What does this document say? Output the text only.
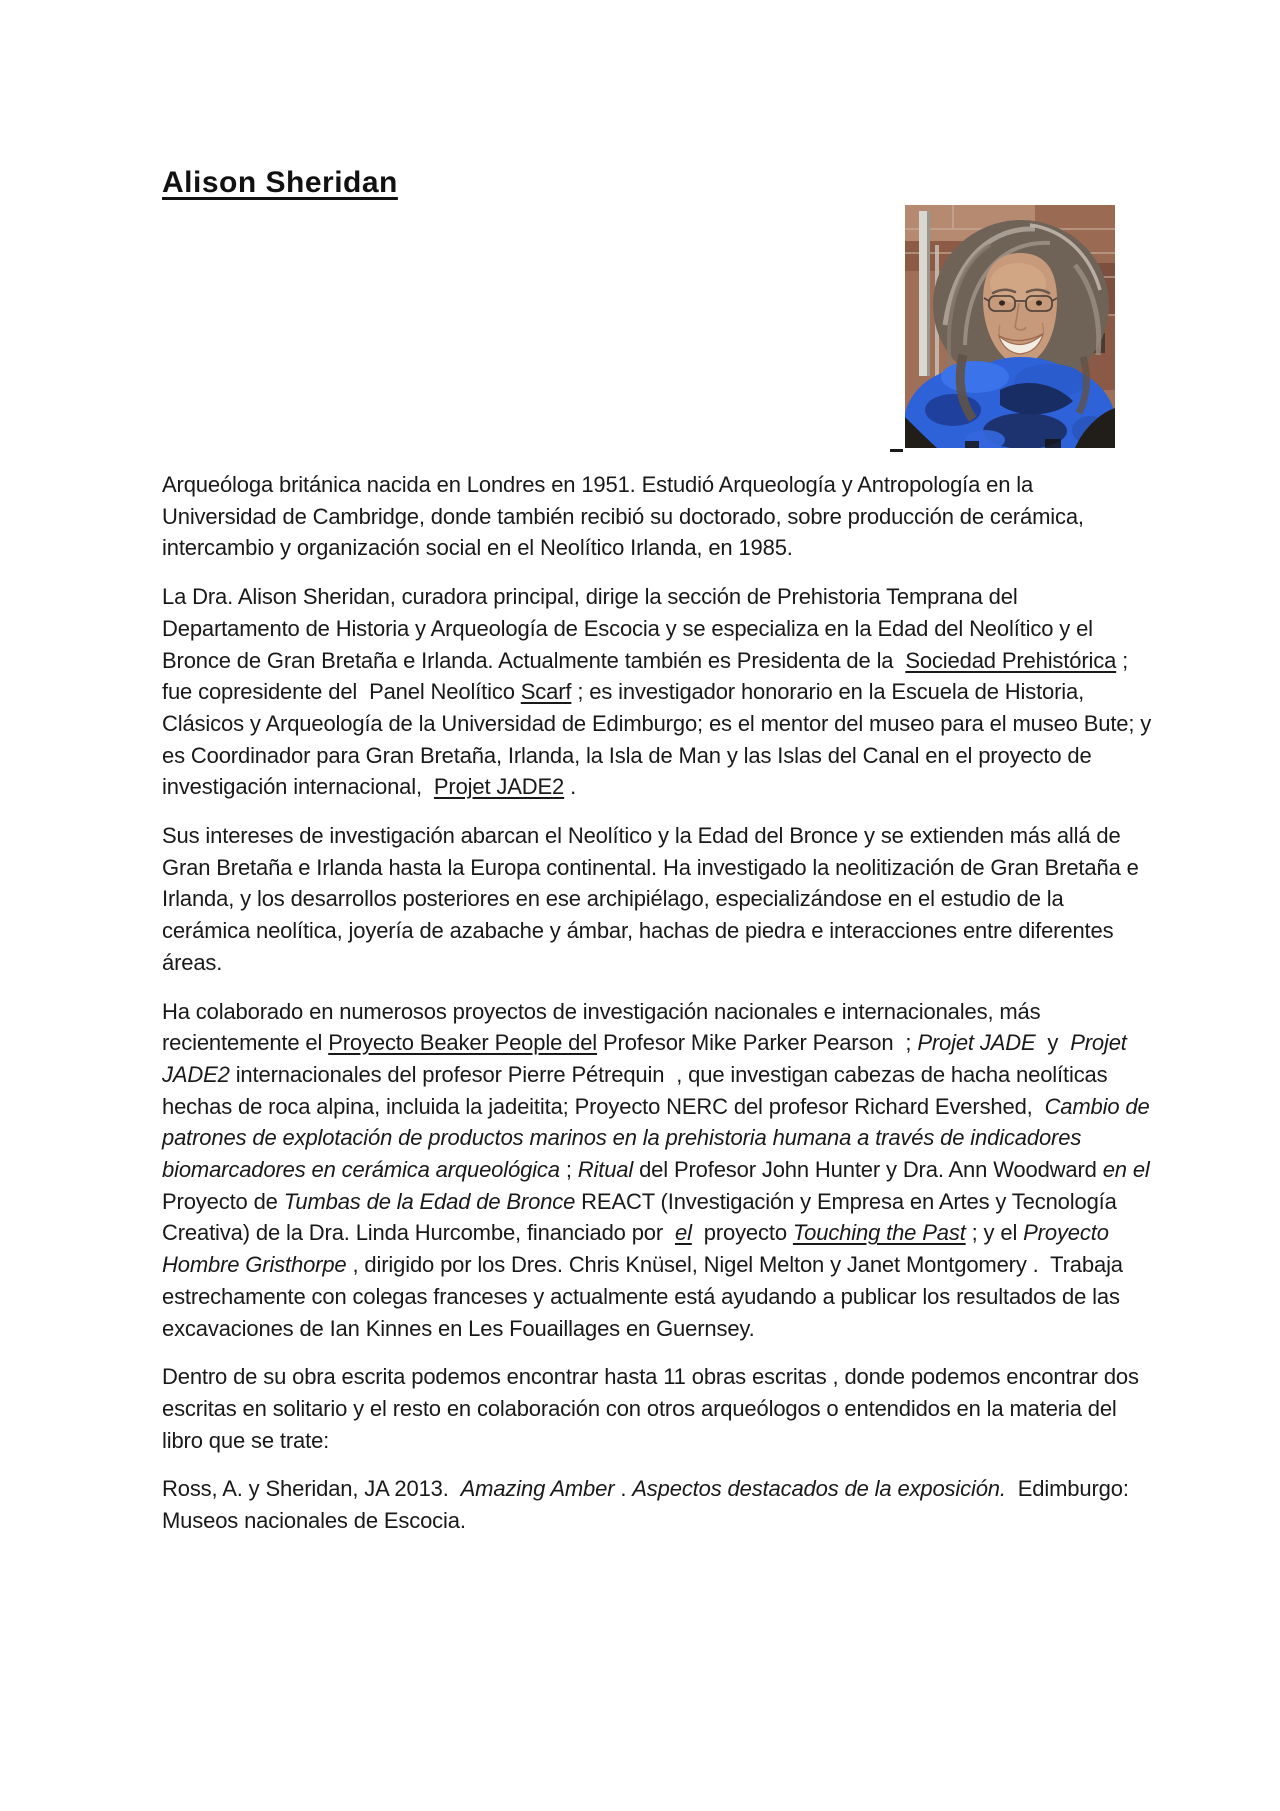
Alison Sheridan

Arqueóloga británica nacida en Londres en 1951. Estudió Arqueología y Antropología en la Universidad de Cambridge, donde también recibió su doctorado, sobre producción de cerámica, intercambio y organización social en el Neolítico Irlanda, en 1985.

La Dra. Alison Sheridan, curadora principal, dirige la sección de Prehistoria Temprana del Departamento de Historia y Arqueología de Escocia y se especializa en la Edad del Neolítico y el Bronce de Gran Bretaña e Irlanda. Actualmente también es Presidenta de la  Sociedad Prehistórica ; fue copresidente del  Panel Neolítico Scarf ; es investigador honorario en la Escuela de Historia, Clásicos y Arqueología de la Universidad de Edimburgo; es el mentor del museo para el museo Bute; y es Coordinador para Gran Bretaña, Irlanda, la Isla de Man y las Islas del Canal en el proyecto de investigación internacional,  Projet JADE2 .

Sus intereses de investigación abarcan el Neolítico y la Edad del Bronce y se extienden más allá de Gran Bretaña e Irlanda hasta la Europa continental. Ha investigado la neolitización de Gran Bretaña e Irlanda, y los desarrollos posteriores en ese archipiélago, especializándose en el estudio de la cerámica neolítica, joyería de azabache y ámbar, hachas de piedra e interacciones entre diferentes áreas.

Ha colaborado en numerosos proyectos de investigación nacionales e internacionales, más recientemente el Proyecto Beaker People del Profesor Mike Parker Pearson  ; Projet JADE  y  Projet JADE2 internacionales del profesor Pierre Pétrequin  , que investigan cabezas de hacha neolíticas hechas de roca alpina, incluida la jadeitita; Proyecto NERC del profesor Richard Evershed,  Cambio de patrones de explotación de productos marinos en la prehistoria humana a través de indicadores biomarcadores en cerámica arqueológica ; Ritual del Profesor John Hunter y Dra. Ann Woodward en el  Proyecto de Tumbas de la Edad de Bronce REACT (Investigación y Empresa en Artes y Tecnología Creativa) de la Dra. Linda Hurcombe, financiado por  el  proyecto Touching the Past ; y el Proyecto Hombre Gristhorpe , dirigido por los Dres. Chris Knüsel, Nigel Melton y Janet Montgomery .  Trabaja estrechamente con colegas franceses y actualmente está ayudando a publicar los resultados de las excavaciones de Ian Kinnes en Les Fouaillages en Guernsey.

Dentro de su obra escrita podemos encontrar hasta 11 obras escritas , donde podemos encontrar dos escritas en solitario y el resto en colaboración con otros arqueólogos o entendidos en la materia del libro que se trate:

Ross, A. y Sheridan, JA 2013.  Amazing Amber . Aspectos destacados de la exposición.  Edimburgo: Museos nacionales de Escocia.
